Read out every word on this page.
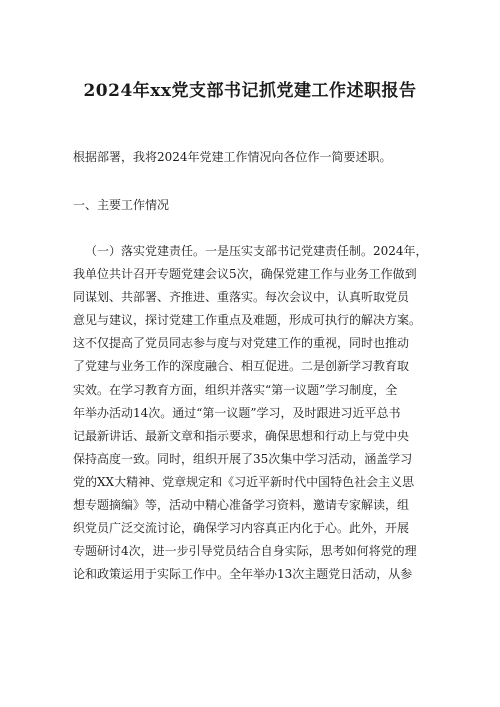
2024年xx党支部书记抓党建工作述职报告

根据部署，我将2024年党建工作情况向各位作一简要述职。

一、主要工作情况

（一）落实党建责任。一是压实支部书记党建责任制。2024年，
我单位共计召开专题党建会议5次，确保党建工作与业务工作做到
同谋划、共部署、齐推进、重落实。每次会议中，认真听取党员
意见与建议，探讨党建工作重点及难题，形成可执行的解决方案。
这不仅提高了党员同志参与度与对党建工作的重视，同时也推动
了党建与业务工作的深度融合、相互促进。二是创新学习教育取
实效。在学习教育方面，组织并落实“第一议题”学习制度，全
年举办活动14次。通过“第一议题”学习，及时跟进习近平总书
记最新讲话、最新文章和指示要求，确保思想和行动上与党中央
保持高度一致。同时，组织开展了35次集中学习活动，涵盖学习
党的XX大精神、党章规定和《习近平新时代中国特色社会主义思
想专题摘编》等，活动中精心准备学习资料，邀请专家解读，组
织党员广泛交流讨论，确保学习内容真正内化于心。此外，开展
专题研讨4次，进一步引导党员结合自身实际，思考如何将党的理
论和政策运用于实际工作中。全年举办13次主题党日活动，从参
